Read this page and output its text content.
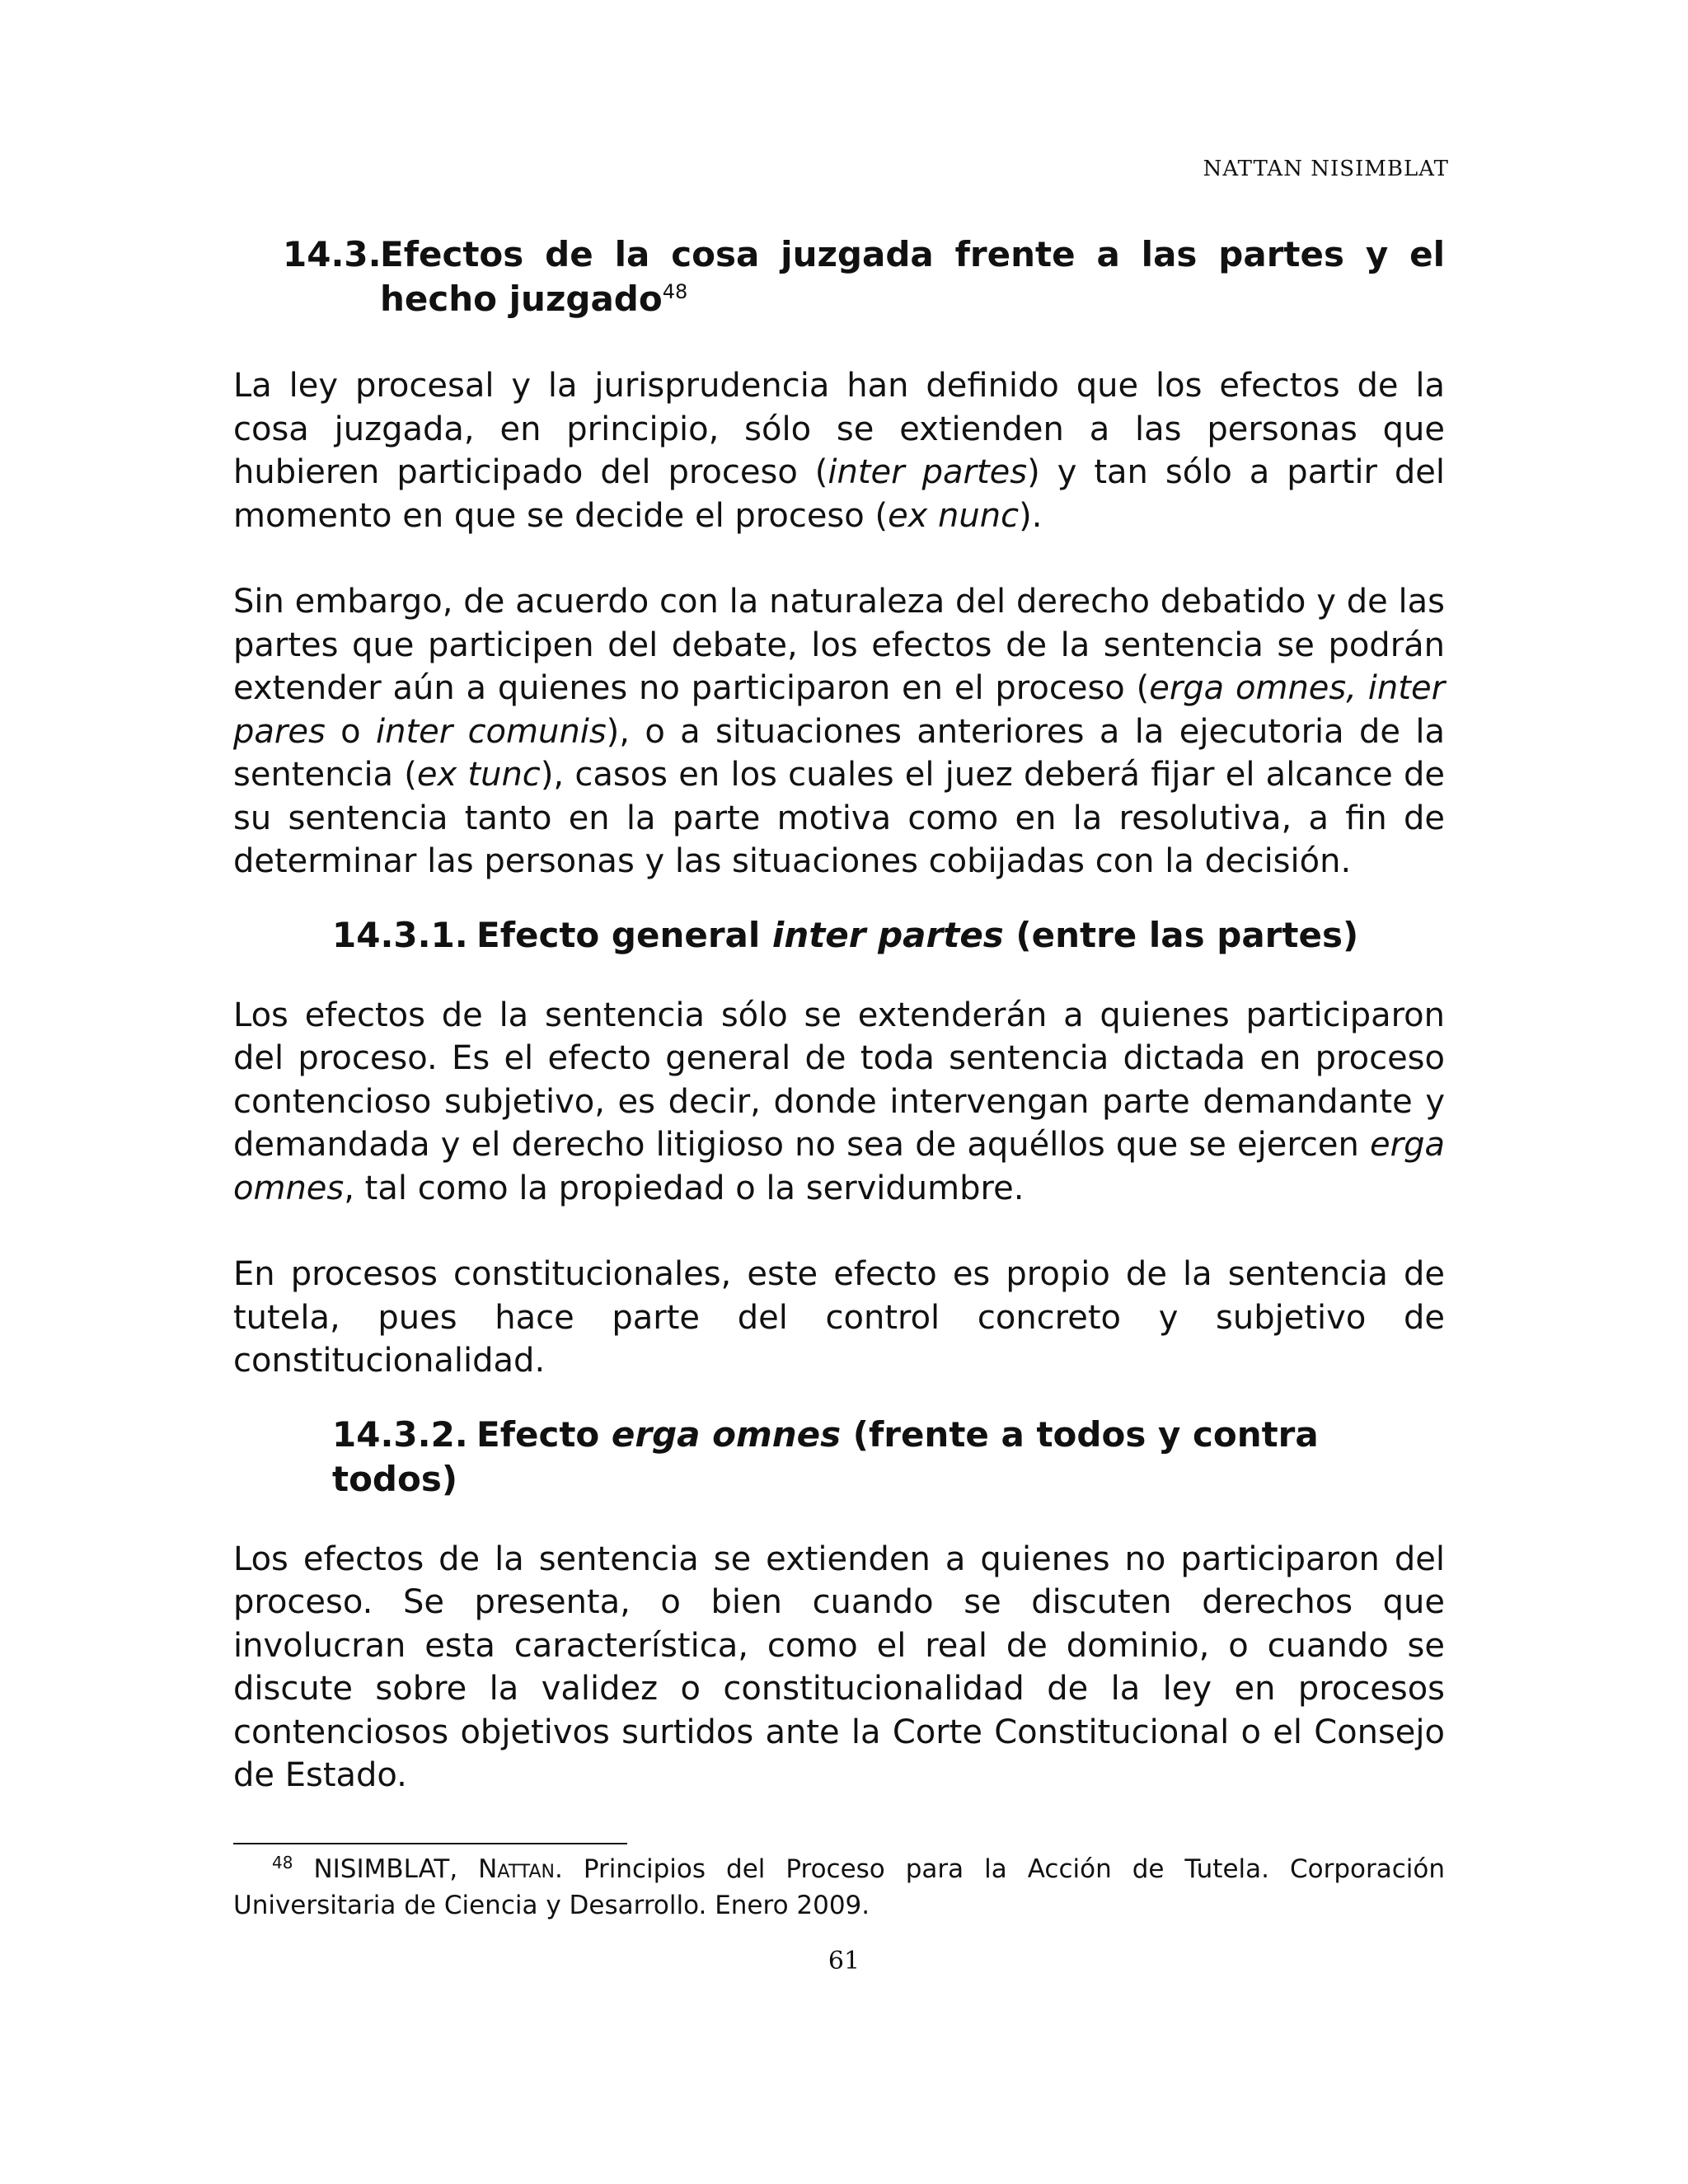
NATTAN NISIMBLAT
14.3.
Efectos de la cosa juzgada frente a las partes y el hecho juzgado$^{48}$

La ley procesal y la jurisprudencia han definido que los efectos de la cosa juzgada, en principio, sólo se extienden a las personas que hubieren participado del proceso (inter partes) y tan sólo a partir del momento en que se decide el proceso (ex nunc).

Sin embargo, de acuerdo con la naturaleza del derecho debatido y de las partes que participen del debate, los efectos de la sentencia se podrán extender aún a quienes no participaron en el proceso (erga omnes, inter pares o inter comunis), o a situaciones anteriores a la ejecutoria de la sentencia (ex tunc), casos en los cuales el juez deberá fijar el alcance de su sentencia tanto en la parte motiva como en la resolutiva, a fin de determinar las personas y las situaciones cobijadas con la decisión.

14.3.1. Efecto general inter partes (entre las partes)

Los efectos de la sentencia sólo se extenderán a quienes participaron del proceso. Es el efecto general de toda sentencia dictada en proceso contencioso subjetivo, es decir, donde intervengan parte demandante y demandada y el derecho litigioso no sea de aquéllos que se ejercen erga omnes, tal como la propiedad o la servidumbre.

En procesos constitucionales, este efecto es propio de la sentencia de tutela, pues hace parte del control concreto y subjetivo de constitucionalidad.

14.3.2. Efecto erga omnes (frente a todos y contra todos)

Los efectos de la sentencia se extienden a quienes no participaron del proceso. Se presenta, o bien cuando se discuten derechos que involucran esta característica, como el real de dominio, o cuando se discute sobre la validez o constitucionalidad de la ley en procesos contenciosos objetivos surtidos ante la Corte Constitucional o el Consejo de Estado.

$^{48}$ NISIMBLAT, Nattan. Principios del Proceso para la Acción de Tutela. Corporación Universitaria de Ciencia y Desarrollo. Enero 2009.
61
